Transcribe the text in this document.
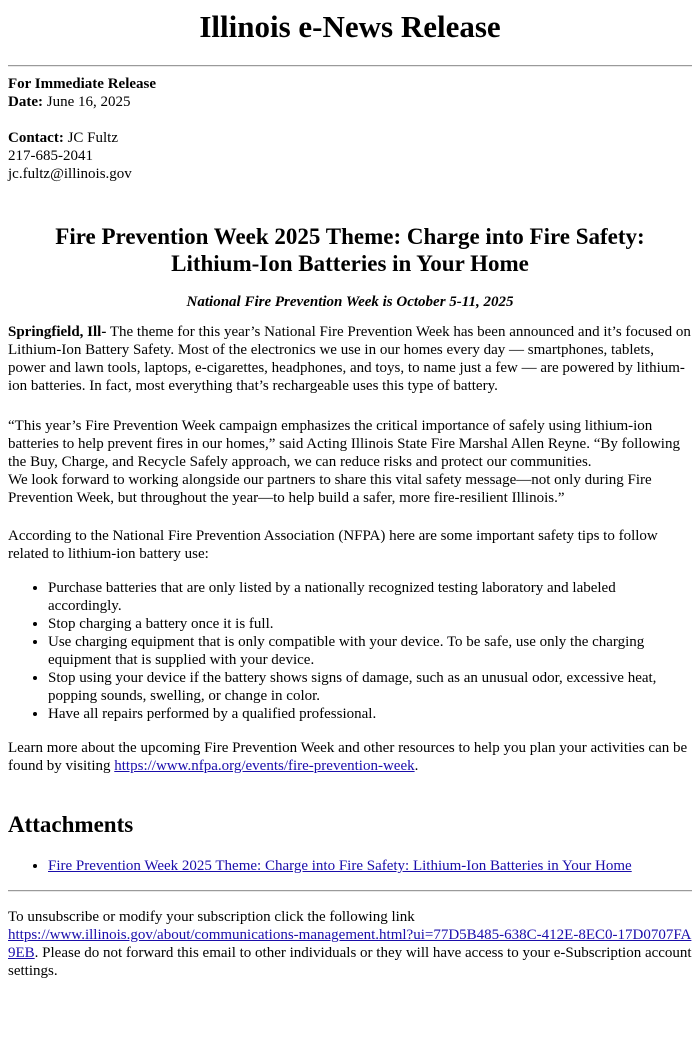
Illinois e-News Release

For Immediate Release

Date: June 16, 2025

Contact: JC Fultz

217-685-2041

jc.fultz@illinois.gov

Fire Prevention Week 2025 Theme: Charge into Fire Safety: Lithium-Ion Batteries in Your Home

National Fire Prevention Week is October 5-11, 2025

Springfield, Ill- The theme for this year’s National Fire Prevention Week has been announced and it’s focused on Lithium-Ion Battery Safety. Most of the electronics we use in our homes every day — smartphones, tablets, power and lawn tools, laptops, e-cigarettes, headphones, and toys, to name just a few — are powered by lithium-ion batteries. In fact, most everything that’s rechargeable uses this type of battery.

“This year’s Fire Prevention Week campaign emphasizes the critical importance of safely using lithium-ion batteries to help prevent fires in our homes,” said Acting Illinois State Fire Marshal Allen Reyne. “By following the Buy, Charge, and Recycle Safely approach, we can reduce risks and protect our communities.

We look forward to working alongside our partners to share this vital safety message—not only during Fire Prevention Week, but throughout the year—to help build a safer, more fire-resilient Illinois.”

According to the National Fire Prevention Association (NFPA) here are some important safety tips to follow related to lithium-ion battery use:

• Purchase batteries that are only listed by a nationally recognized testing laboratory and labeled accordingly.
• Stop charging a battery once it is full.
• Use charging equipment that is only compatible with your device. To be safe, use only the charging equipment that is supplied with your device.
• Stop using your device if the battery shows signs of damage, such as an unusual odor, excessive heat, popping sounds, swelling, or change in color.
• Have all repairs performed by a qualified professional.

Learn more about the upcoming Fire Prevention Week and other resources to help you plan your activities can be found by visiting https://www.nfpa.org/events/fire-prevention-week.

Attachments
• Fire Prevention Week 2025 Theme: Charge into Fire Safety: Lithium-Ion Batteries in Your Home
To unsubscribe or modify your subscription click the following link
https://www.illinois.gov/about/communications-management.html?ui=77D5B485-638C-412E-8EC0-17D0707FA9EB. Please do not forward this email to other individuals or they will have access to your e-Subscription account settings.
